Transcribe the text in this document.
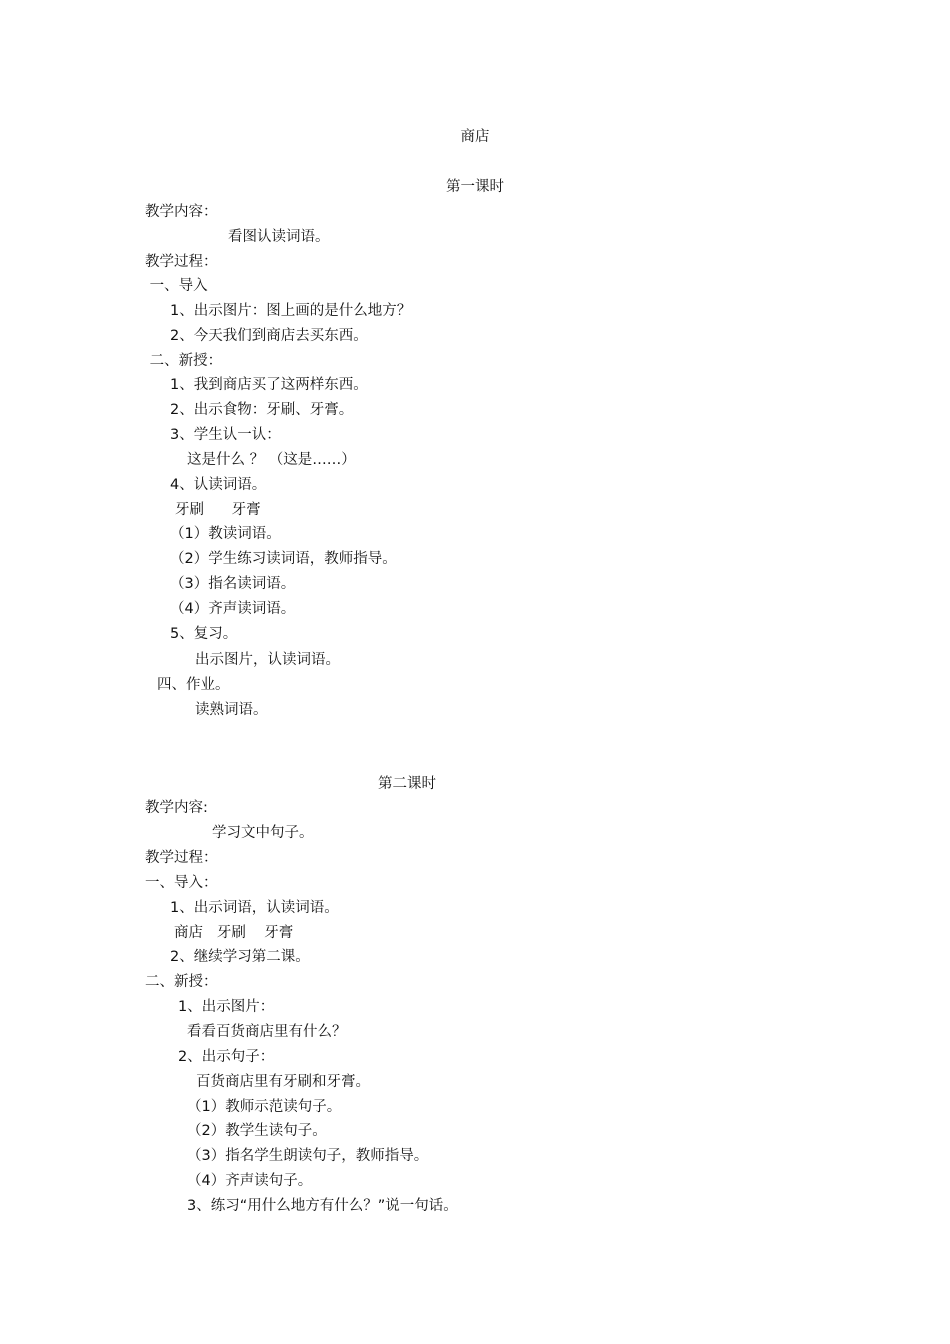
商店
第一课时
教学内容：
看图认读词语。
教学过程：
一、导入
1、出示图片：图上画的是什么地方？
2、今天我们到商店去买东西。
二、新授：
1、我到商店买了这两样东西。
2、出示食物：牙刷、牙膏。
3、学生认一认：
这是什么 ？ （这是……）
4、认读词语。
牙刷      牙膏
（1）教读词语。
（2）学生练习读词语，教师指导。
（3）指名读词语。
（4）齐声读词语。
5、复习。
出示图片，认读词语。
四、作业。
读熟词语。
第二课时
教学内容:
学习文中句子。
教学过程：
一、导入：
1、出示词语，认读词语。
商店   牙刷    牙膏
2、继续学习第二课。
二、新授：
1、出示图片：
看看百货商店里有什么？
2、出示句子：
百货商店里有牙刷和牙膏。
（1）教师示范读句子。
（2）教学生读句子。
（3）指名学生朗读句子，教师指导。
（4）齐声读句子。
3、练习“用什么地方有什么？”说一句话。
